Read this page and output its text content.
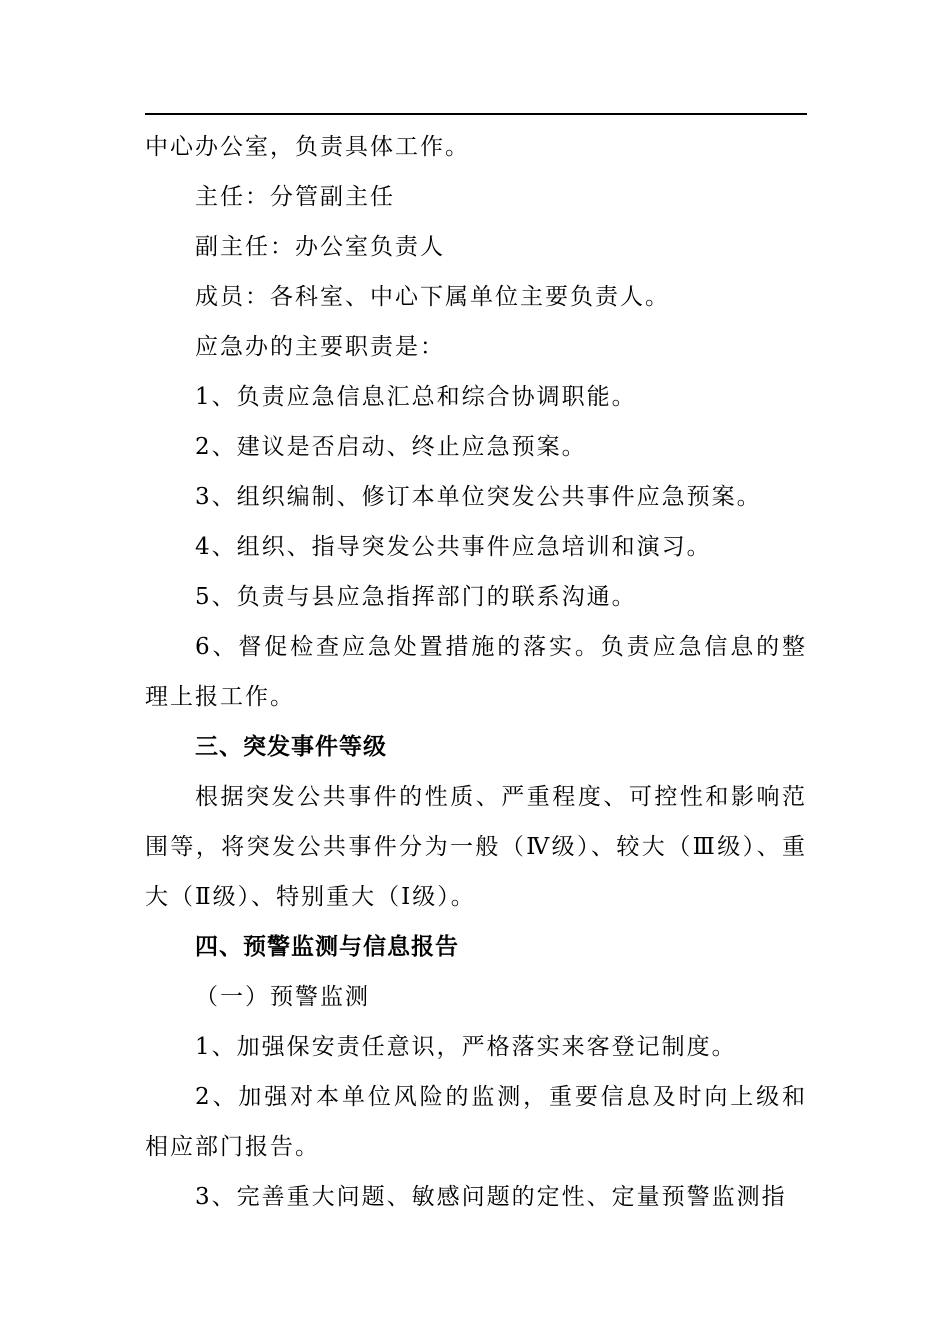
中心办公室，负责具体工作。

主任：分管副主任

副主任：办公室负责人

成员：各科室、中心下属单位主要负责人。

应急办的主要职责是：

1、负责应急信息汇总和综合协调职能。

2、建议是否启动、终止应急预案。

3、组织编制、修订本单位突发公共事件应急预案。

4、组织、指导突发公共事件应急培训和演习。

5、负责与县应急指挥部门的联系沟通。

6、督促检查应急处置措施的落实。负责应急信息的整理上报工作。

三、突发事件等级

根据突发公共事件的性质、严重程度、可控性和影响范围等，将突发公共事件分为一般（Ⅳ级）、较大（Ⅲ级）、重大（Ⅱ级）、特别重大（Ⅰ级）。

四、预警监测与信息报告

（一）预警监测

1、加强保安责任意识，严格落实来客登记制度。

2、加强对本单位风险的监测，重要信息及时向上级和相应部门报告。

3、完善重大问题、敏感问题的定性、定量预警监测指
